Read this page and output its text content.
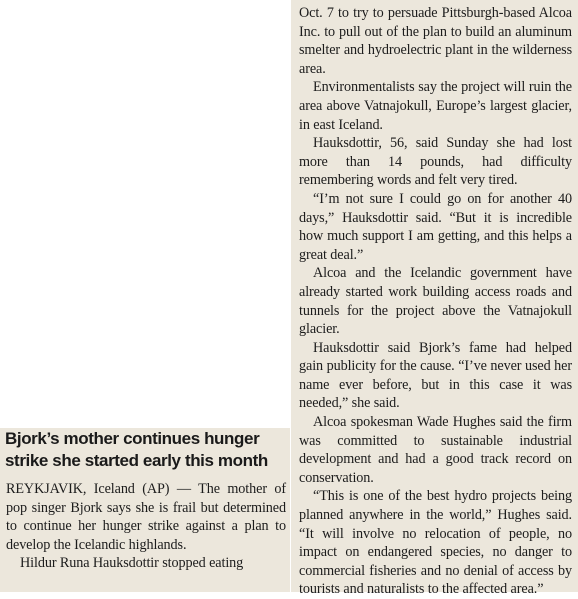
Oct. 7 to try to persuade Pittsburgh-based Alcoa Inc. to pull out of the plan to build an aluminum smelter and hydroelectric plant in the wilderness area.

Environmentalists say the project will ruin the area above Vatnajokull, Europe’s largest glacier, in east Iceland.

Hauksdottir, 56, said Sunday she had lost more than 14 pounds, had difficulty remembering words and felt very tired.

“I’m not sure I could go on for another 40 days,” Hauksdottir said. “But it is incredible how much support I am getting, and this helps a great deal.”

Alcoa and the Icelandic government have already started work building access roads and tunnels for the project above the Vatnajokull glacier.

Hauksdottir said Bjork’s fame had helped gain publicity for the cause. “I’ve never used her name ever before, but in this case it was needed,” she said.

Alcoa spokesman Wade Hughes said the firm was committed to sustainable industrial development and had a good track record on conservation.

“This is one of the best hydro projects being planned anywhere in the world,” Hughes said. “It will involve no relocation of people, no impact on endangered species, no danger to commercial fisheries and no denial of access by tourists and naturalists to the affected area.”

Bjork’s mother continues hunger
strike she started early this month

REYKJAVIK, Iceland (AP) — The mother of pop singer Bjork says she is frail but determined to continue her hunger strike against a plan to develop the Icelandic highlands.

Hildur Runa Hauksdottir stopped eating
